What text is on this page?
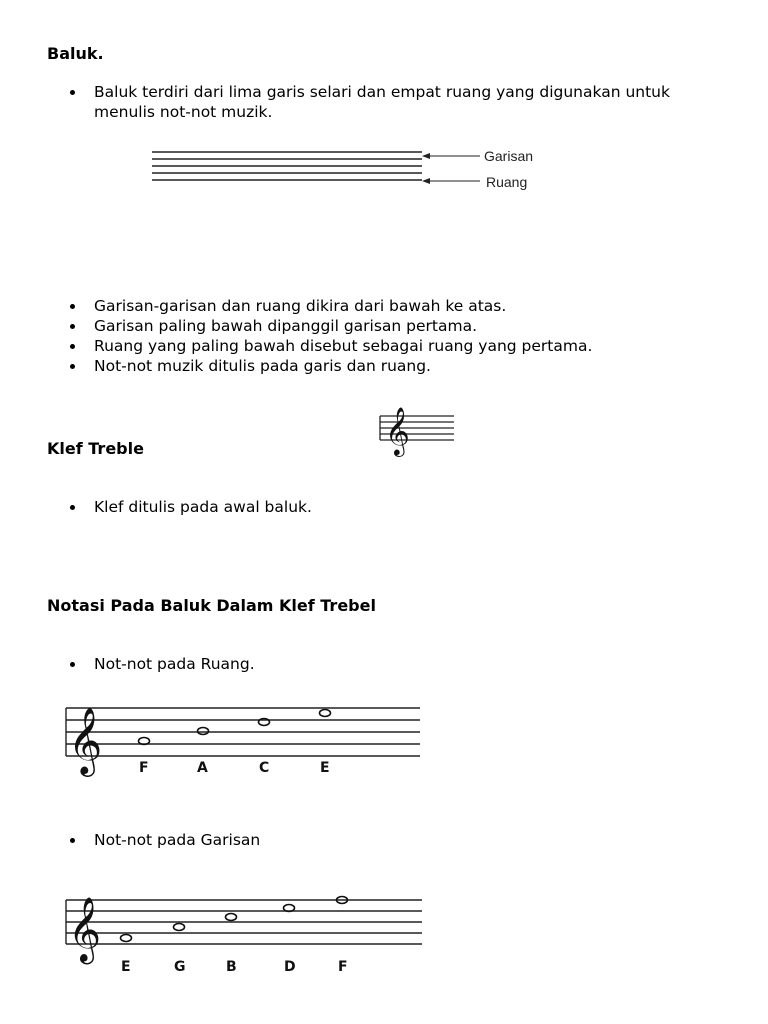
Baluk.
Baluk terdiri dari lima garis selari dan empat ruang yang digunakan untuk menulis not-not muzik.
Garisan
Ruang
Garisan-garisan dan ruang dikira dari bawah ke atas.
Garisan paling bawah dipanggil garisan pertama.
Ruang yang paling bawah disebut sebagai ruang yang pertama.
Not-not muzik ditulis pada garis dan ruang.
Klef Treble	𝄞
Klef ditulis pada awal baluk.
Notasi Pada Baluk Dalam Klef Trebel
Not-not pada Ruang.
𝄞	F	A	C	E
Not-not pada Garisan
𝄞
E	G	B	D	F
